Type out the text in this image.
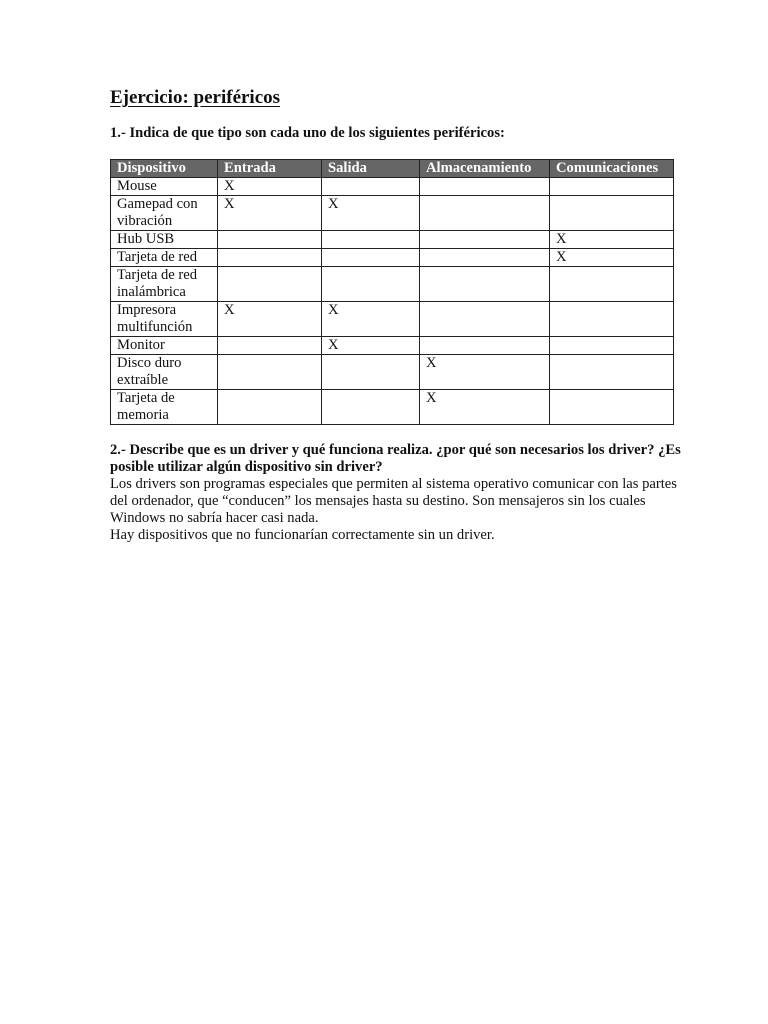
Ejercicio: periféricos

1.- Indica de que tipo son cada uno de los siguientes periféricos:

Dispositivo	Entrada	Salida	Almacenamiento	Comunicaciones
Mouse	X			
Gamepad con vibración	X	X		
Hub USB				X
Tarjeta de red				X
Tarjeta de red inalámbrica				
Impresora multifunción	X	X		
Monitor		X		
Disco duro extraíble			X	
Tarjeta de memoria			X	

2.- Describe que es un driver y qué funciona realiza. ¿por qué son necesarios los driver? ¿Es posible utilizar algún dispositivo sin driver?

Los drivers son programas especiales que permiten al sistema operativo comunicar con las partes del ordenador, que “conducen” los mensajes hasta su destino. Son mensajeros sin los cuales Windows no sabría hacer casi nada.

Hay dispositivos que no funcionarían correctamente sin un driver.
